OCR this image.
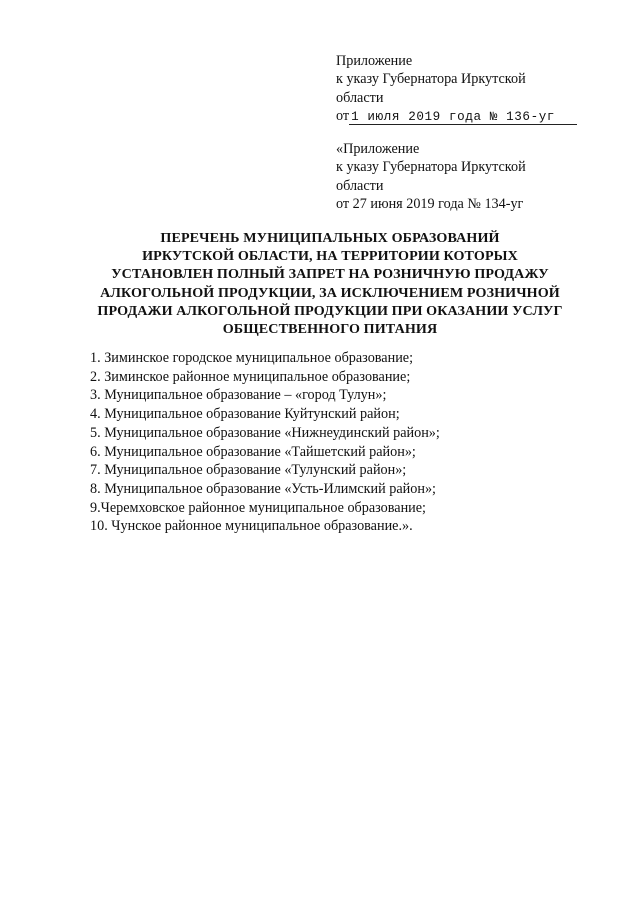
Приложение
к указу Губернатора Иркутской
области
от 1 июля 2019 года № 136-уг
«Приложение
к указу Губернатора Иркутской
области
от 27 июня 2019 года № 134-уг
ПЕРЕЧЕНЬ МУНИЦИПАЛЬНЫХ ОБРАЗОВАНИЙ
ИРКУТСКОЙ ОБЛАСТИ, НА ТЕРРИТОРИИ КОТОРЫХ
УСТАНОВЛЕН ПОЛНЫЙ ЗАПРЕТ НА РОЗНИЧНУЮ ПРОДАЖУ
АЛКОГОЛЬНОЙ ПРОДУКЦИИ, ЗА ИСКЛЮЧЕНИЕМ РОЗНИЧНОЙ
ПРОДАЖИ АЛКОГОЛЬНОЙ ПРОДУКЦИИ ПРИ ОКАЗАНИИ УСЛУГ
ОБЩЕСТВЕННОГО ПИТАНИЯ
1. Зиминское городское муниципальное образование;
2. Зиминское районное муниципальное образование;
3. Муниципальное образование – «город Тулун»;
4. Муниципальное образование Куйтунский район;
5. Муниципальное образование «Нижнеудинский район»;
6. Муниципальное образование «Тайшетский район»;
7. Муниципальное образование «Тулунский район»;
8. Муниципальное образование «Усть-Илимский район»;
9.Черемховское районное муниципальное образование;
10. Чунское районное муниципальное образование.».
